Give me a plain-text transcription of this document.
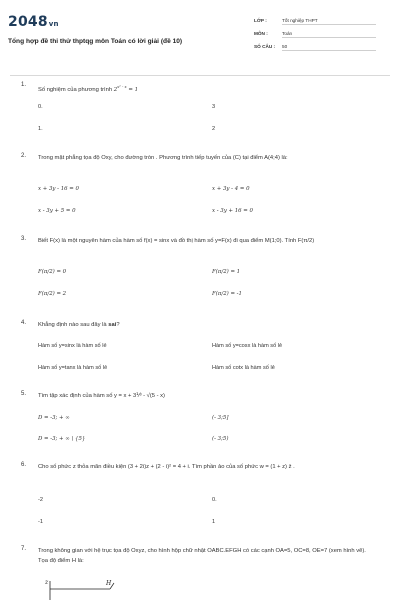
2048vn
Tổng hợp đề thi thử thptqg môn Toán có lời giải (đề 10)
LỚP :	Tốt nghiệp THPT
MÔN :	Toán
SỐ CÂU : 50
1.
Số nghiệm của phương trình $2^{x^2 - x} = 1$
0.	3
1.	2
2. Trong mặt phẳng tọa độ Oxy, cho đường tròn . Phương trình tiếp tuyến của (C) tại điểm A(4;4) là:
x + 3y - 16 = 0	x + 3y - 4 = 0
x - 3y + 5 = 0	x - 3y + 16 = 0
3. Biết F(x) là một nguyên hàm của hàm số f(x) = sinx và đồ thị hàm số y=F(x) đi qua điểm M(1;0). Tính F(π/2)
F(π/2) = 0	F(π/2) = 1
F(π/2) = 2	F(π/2) = -1
4. Khẳng định nào sau đây là sai?
Hàm số y=sinx là hàm số lẻ	Hàm số y=cosx là hàm số lẻ
Hàm số y=tanx là hàm số lẻ	Hàm số cotx là hàm số lẻ
5. Tìm tập xác định của hàm số y = x + 3⅟³ - √(5 - x)
D = -3; + ∞	(- 3;5]
D = -3; + ∞ \ {5}	(- 3;5)
6. Cho số phức z thỏa mãn điều kiện (3 + 2i)z + (2 - i)² = 4 + i. Tìm phần ảo của số phức w = (1 + z) z̄ .
-2	0.
-1	1
7. Trong không gian với hệ trục tọa độ Oxyz, cho hình hộp chữ nhật OABC.EFGH có các cạnh OA=5, OC=8, OE=7 (xem hình vẽ). Tọa độ điểm H là:
z	H
